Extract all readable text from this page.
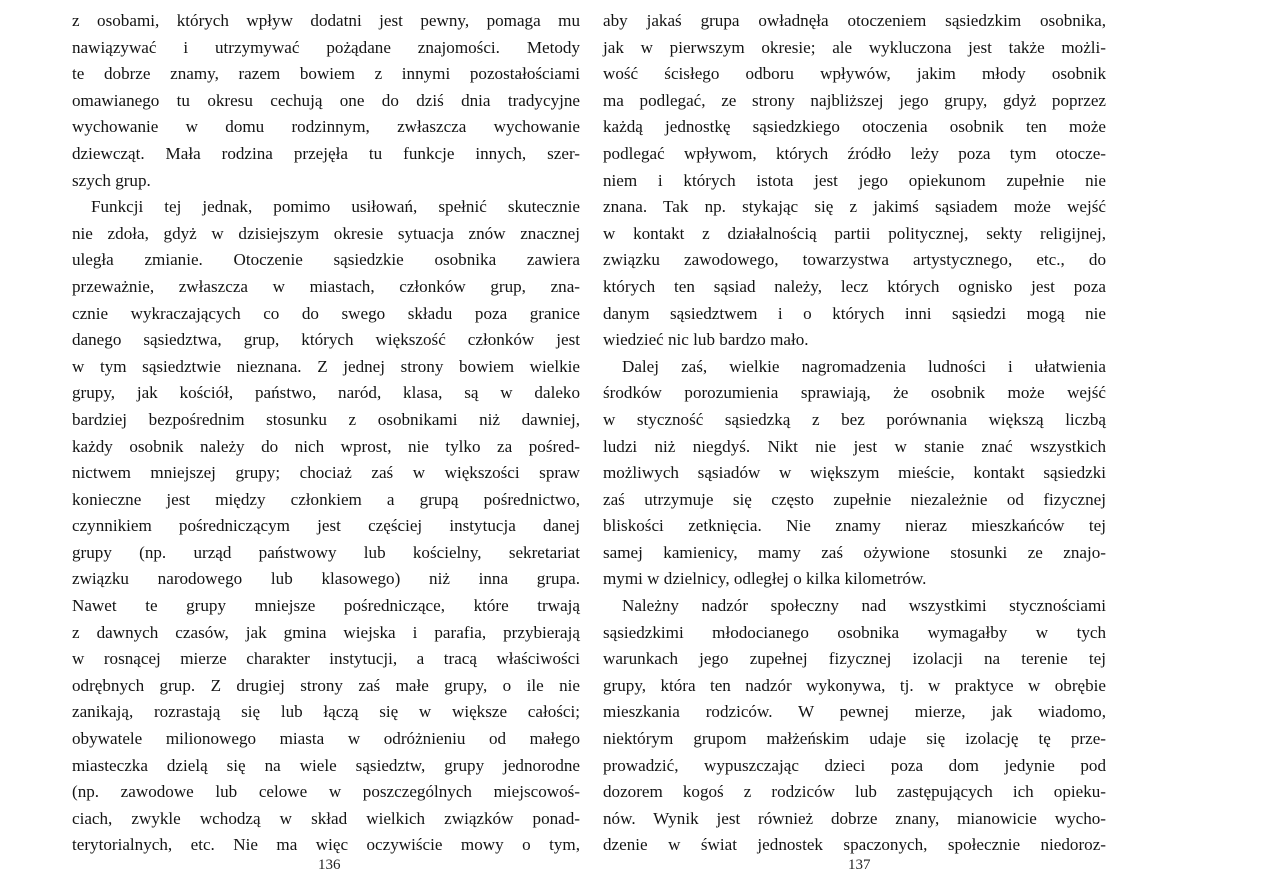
z osobami, których wpływ dodatni jest pewny, pomaga mu
nawiązywać i utrzymywać pożądane znajomości. Metody
te dobrze znamy, razem bowiem z innymi pozostałościami
omawianego tu okresu cechują one do dziś dnia tradycyjne
wychowanie w domu rodzinnym, zwłaszcza wychowanie
dziewcząt. Mała rodzina przejęła tu funkcje innych, szer-
szych grup.
Funkcji tej jednak, pomimo usiłowań, spełnić skutecznie
nie zdoła, gdyż w dzisiejszym okresie sytuacja znów znacznej
uległa zmianie. Otoczenie sąsiedzkie osobnika zawiera
przeważnie, zwłaszcza w miastach, członków grup, zna-
cznie wykraczających co do swego składu poza granice
danego sąsiedztwa, grup, których większość członków jest
w tym sąsiedztwie nieznana. Z jednej strony bowiem wielkie
grupy, jak kościół, państwo, naród, klasa, są w daleko
bardziej bezpośrednim stosunku z osobnikami niż dawniej,
każdy osobnik należy do nich wprost, nie tylko za pośred-
nictwem mniejszej grupy; chociaż zaś w większości spraw
konieczne jest między członkiem a grupą pośrednictwo,
czynnikiem pośredniczącym jest częściej instytucja danej
grupy (np. urząd państwowy lub kościelny, sekretariat
związku narodowego lub klasowego) niż inna grupa.
Nawet te grupy mniejsze pośredniczące, które trwają
z dawnych czasów, jak gmina wiejska i parafia, przybierają
w rosnącej mierze charakter instytucji, a tracą właściwości
odrębnych grup. Z drugiej strony zaś małe grupy, o ile nie
zanikają, rozrastają się lub łączą się w większe całości;
obywatele milionowego miasta w odróżnieniu od małego
miasteczka dzielą się na wiele sąsiedztw, grupy jednorodne
(np. zawodowe lub celowe w poszczególnych miejscowoś-
ciach, zwykle wchodzą w skład wielkich związków ponad-
terytorialnych, etc. Nie ma więc oczywiście mowy o tym,
aby jakaś grupa owładnęła otoczeniem sąsiedzkim osobnika,
jak w pierwszym okresie; ale wykluczona jest także możli-
wość ścisłego odboru wpływów, jakim młody osobnik
ma podlegać, ze strony najbliższej jego grupy, gdyż poprzez
każdą jednostkę sąsiedzkiego otoczenia osobnik ten może
podlegać wpływom, których źródło leży poza tym otocze-
niem i których istota jest jego opiekunom zupełnie nie
znana. Tak np. stykając się z jakimś sąsiadem może wejść
w kontakt z działalnością partii politycznej, sekty religijnej,
związku zawodowego, towarzystwa artystycznego, etc., do
których ten sąsiad należy, lecz których ognisko jest poza
danym sąsiedztwem i o których inni sąsiedzi mogą nie
wiedzieć nic lub bardzo mało.
Dalej zaś, wielkie nagromadzenia ludności i ułatwienia
środków porozumienia sprawiają, że osobnik może wejść
w styczność sąsiedzką z bez porównania większą liczbą
ludzi niż niegdyś. Nikt nie jest w stanie znać wszystkich
możliwych sąsiadów w większym mieście, kontakt sąsiedzki
zaś utrzymuje się często zupełnie niezależnie od fizycznej
bliskości zetknięcia. Nie znamy nieraz mieszkańców tej
samej kamienicy, mamy zaś ożywione stosunki ze znajo-
mymi w dzielnicy, odległej o kilka kilometrów.
Należny nadzór społeczny nad wszystkimi stycznościami
sąsiedzkimi młodocianego osobnika wymagałby w tych
warunkach jego zupełnej fizycznej izolacji na terenie tej
grupy, która ten nadzór wykonywa, tj. w praktyce w obrębie
mieszkania rodziców. W pewnej mierze, jak wiadomo,
niektórym grupom małżeńskim udaje się izolację tę prze-
prowadzić, wypuszczając dzieci poza dom jedynie pod
dozorem kogoś z rodziców lub zastępujących ich opieku-
nów. Wynik jest również dobrze znany, mianowicie wycho-
dzenie w świat jednostek spaczonych, społecznie niedoroz-
136	137
